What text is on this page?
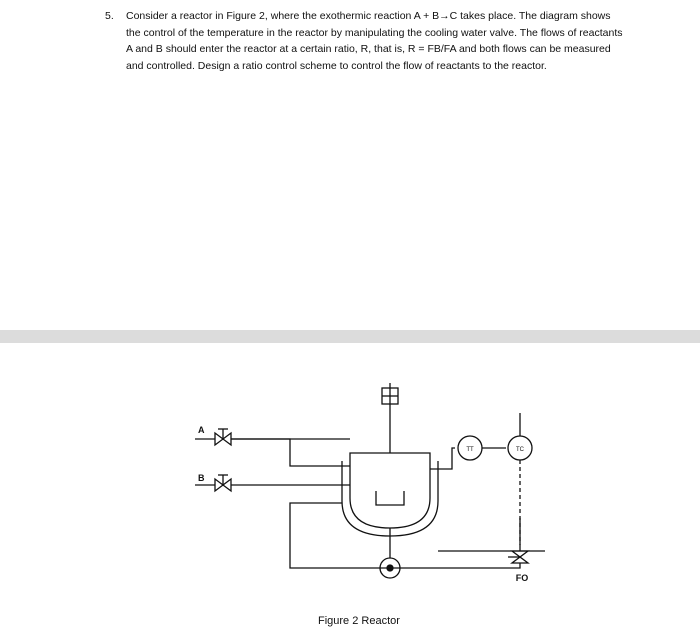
5.	Consider a reactor in Figure 2, where the exothermic reaction A + B→C takes place. The diagram shows the control of the temperature in the reactor by manipulating the cooling water valve. The flows of reactants A and B should enter the reactor at a certain ratio, R, that is, R = FB/FA and both flows can be measured and controlled. Design a ratio control scheme to control the flow of reactants to the reactor.
A
B
TT	TC
FO
Figure 2 Reactor
